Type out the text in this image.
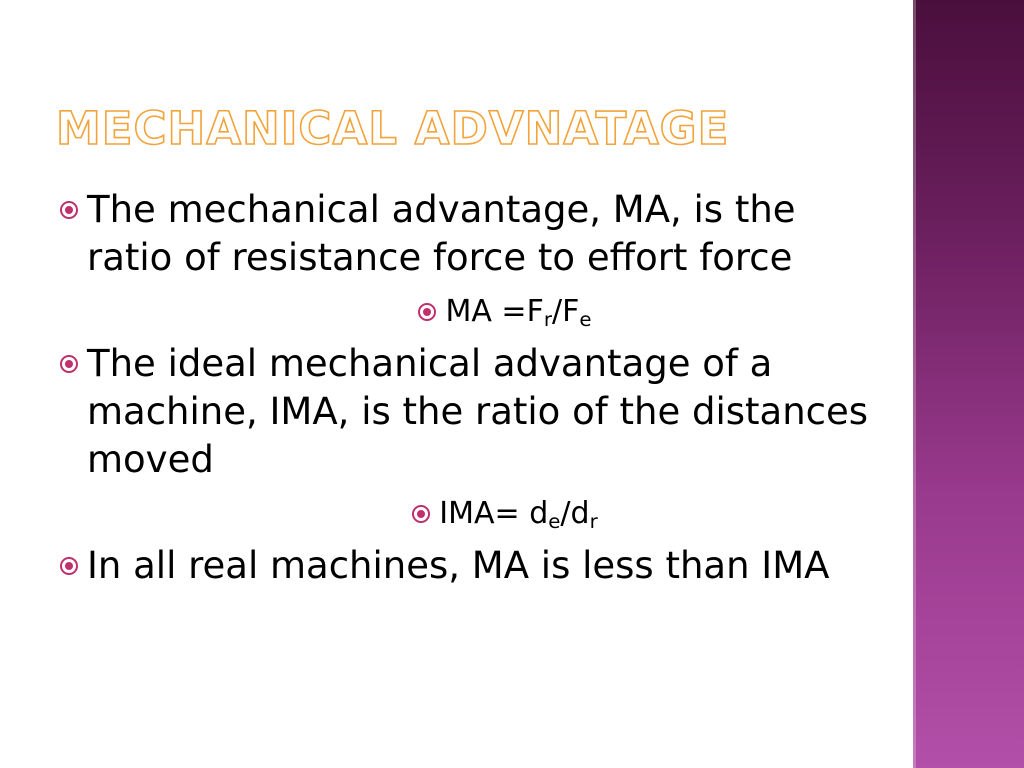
MECHANICAL ADVNATAGE
The mechanical advantage, MA, is the ratio of resistance force to effort force
MA $=F_r/F_e$
The ideal mechanical advantage of a machine, IMA, is the ratio of the distances moved
$IMA= d_e/d_r$
In all real machines, MA is less than IMA
